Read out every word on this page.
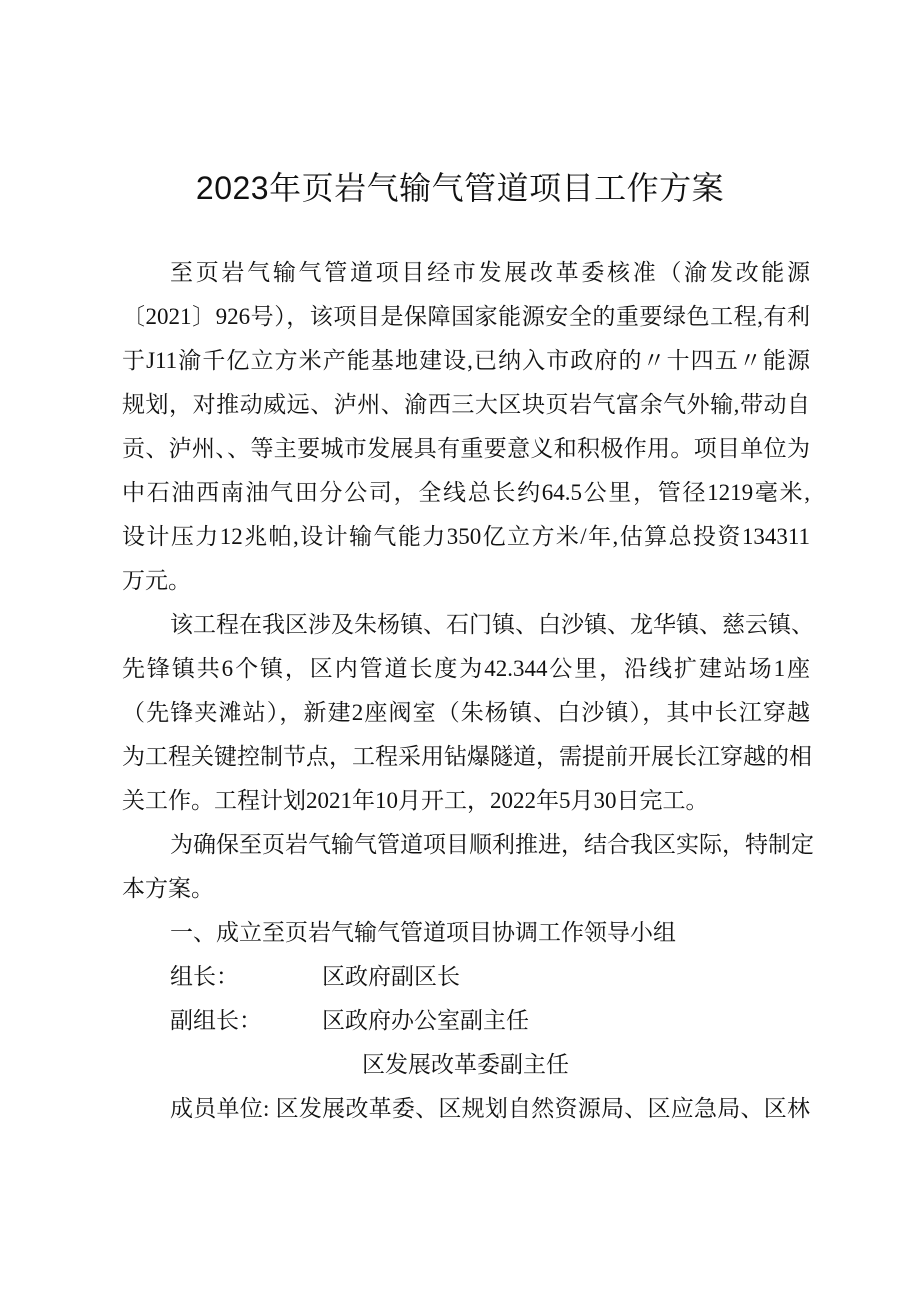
2023年页岩气输气管道项目工作方案
至页岩气输气管道项目经市发展改革委核准（渝发改能源
〔2021〕926号），该项目是保障国家能源安全的重要绿色工程,有利
于J11渝千亿立方米产能基地建设,已纳入市政府的〃十四五〃能源
规划，对推动威远、泸州、渝西三大区块页岩气富余气外输,带动自
贡、泸州、、等主要城市发展具有重要意义和积极作用。项目单位为
中石油西南油气田分公司，全线总长约64.5公里，管径1219毫米,
设计压力12兆帕,设计输气能力350亿立方米/年,估算总投资134311
万元。
该工程在我区涉及朱杨镇、石门镇、白沙镇、龙华镇、慈云镇、
先锋镇共6个镇，区内管道长度为42.344公里，沿线扩建站场1座
（先锋夹滩站），新建2座阀室（朱杨镇、白沙镇），其中长江穿越
为工程关键控制节点，工程采用钻爆隧道，需提前开展长江穿越的相
关工作。工程计划2021年10月开工，2022年5月30日完工。
为确保至页岩气输气管道项目顺利推进，结合我区实际，特制定
本方案。
一、成立至页岩气输气管道项目协调工作领导小组
组长：	区政府副区长
副组长：	区政府办公室副主任
区发展改革委副主任
成员单位: 区发展改革委、区规划自然资源局、区应急局、区林
